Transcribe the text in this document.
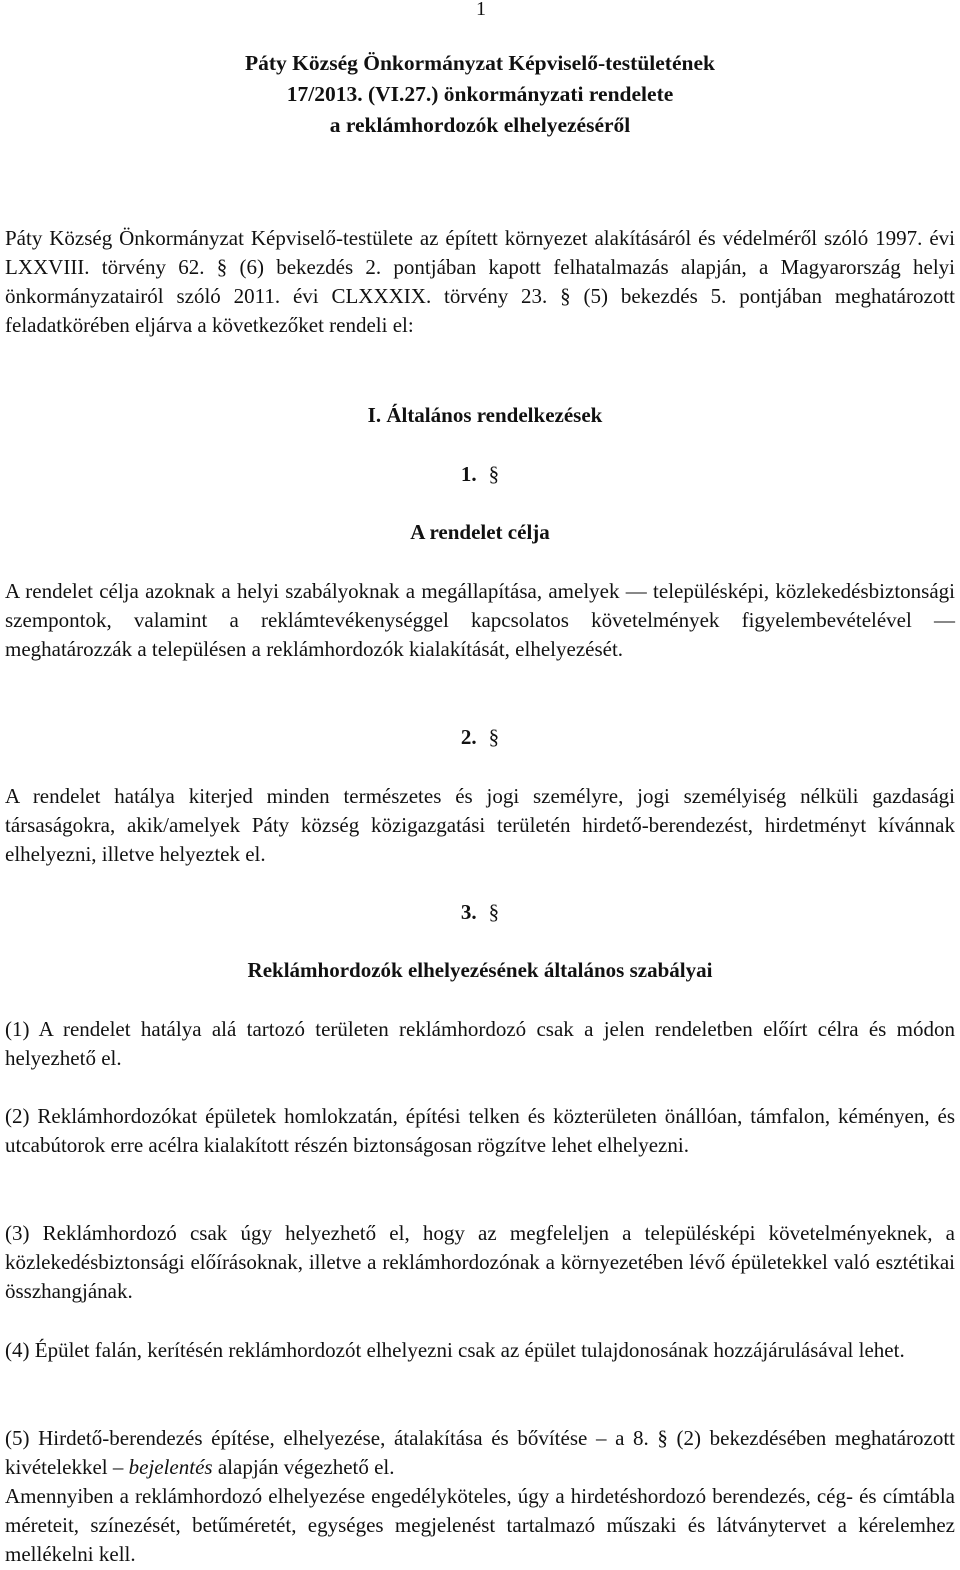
1
Páty Község Önkormányzat Képviselő-testületének
17/2013. (VI.27.) önkormányzati rendelete
a reklámhordozók elhelyezéséről

Páty Község Önkormányzat Képviselő-testülete az épített környezet alakításáról és védelméről szóló 1997. évi LXXVIII. törvény 62. § (6) bekezdés 2. pontjában kapott felhatalmazás alapján, a Magyarország helyi önkormányzatairól szóló 2011. évi CLXXXIX. törvény 23. § (5) bekezdés 5. pontjában meghatározott feladatkörében eljárva a következőket rendeli el:

I. Általános rendelkezések

1. §
A rendelet célja

A rendelet célja azoknak a helyi szabályoknak a megállapítása, amelyek — településképi, közlekedésbiztonsági szempontok, valamint a reklámtevékenységgel kapcsolatos követelmények figyelembevételével — meghatározzák a településen a reklámhordozók kialakítását, elhelyezését.

2. §

A rendelet hatálya kiterjed minden természetes és jogi személyre, jogi személyiség nélküli gazdasági társaságokra, akik/amelyek Páty község közigazgatási területén hirdető-berendezést, hirdetményt kívánnak elhelyezni, illetve helyeztek el.

3. §
Reklámhordozók elhelyezésének általános szabályai

(1) A rendelet hatálya alá tartozó területen reklámhordozó csak a jelen rendeletben előírt célra és módon helyezhető el.

(2) Reklámhordozókat épületek homlokzatán, építési telken és közterületen önállóan, támfalon, kéményen, és utcabútorok erre acélra kialakított részén biztonságosan rögzítve lehet elhelyezni.

(3) Reklámhordozó csak úgy helyezhető el, hogy az megfeleljen a településképi követelményeknek, a közlekedésbiztonsági előírásoknak, illetve a reklámhordozónak a környezetében lévő épületekkel való esztétikai összhangjának.

(4) Épület falán, kerítésén reklámhordozót elhelyezni csak az épület tulajdonosának hozzájárulásával lehet.

(5) Hirdető-berendezés építése, elhelyezése, átalakítása és bővítése – a 8. § (2) bekezdésében meghatározott kivételekkel – bejelentés alapján végezhető el.

Amennyiben a reklámhordozó elhelyezése engedélyköteles, úgy a hirdetéshordozó berendezés, cég- és címtábla méreteit, színezését, betűméretét, egységes megjelenést tartalmazó műszaki és látványtervet a kérelemhez mellékelni kell.
